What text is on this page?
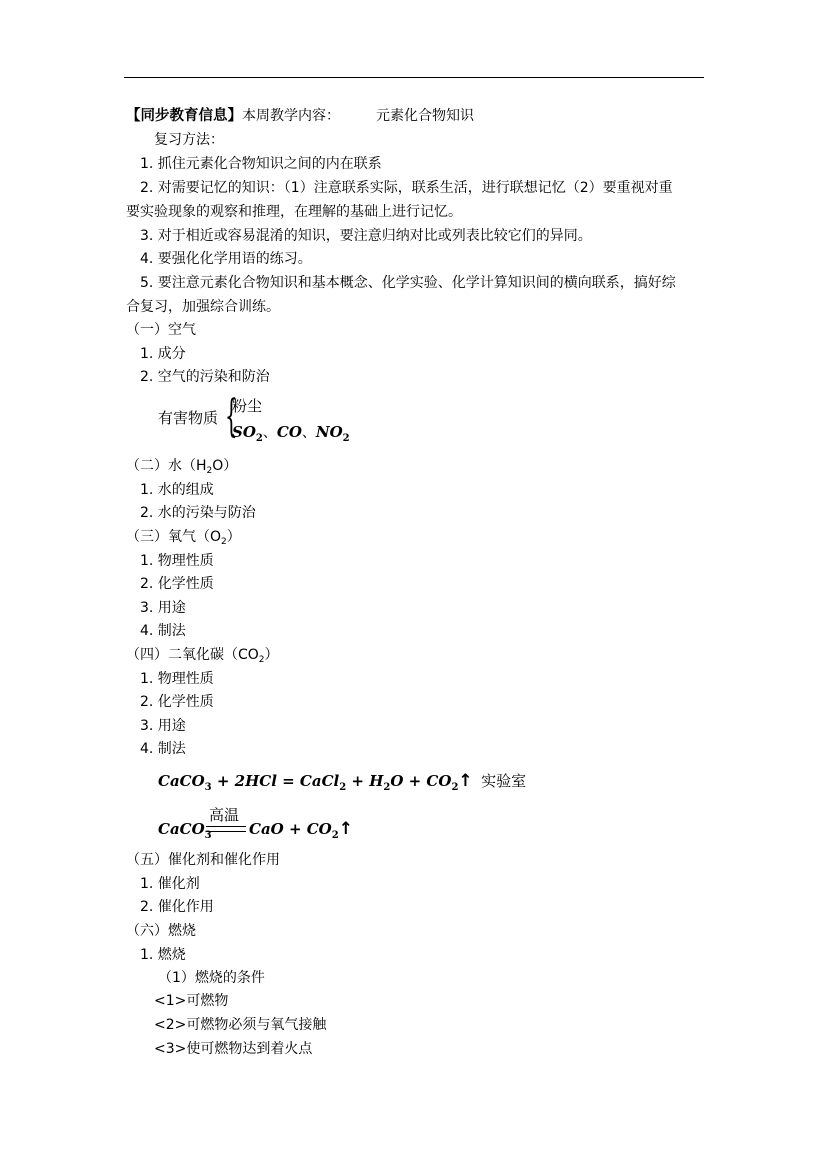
【同步教育信息】本周教学内容：	元素化合物知识
复习方法：
1. 抓住元素化合物知识之间的内在联系
2. 对需要记忆的知识：（1）注意联系实际，联系生活，进行联想记忆（2）要重视对重
要实验现象的观察和推理，在理解的基础上进行记忆。
3. 对于相近或容易混淆的知识，要注意归纳对比或列表比较它们的异同。
4. 要强化化学用语的练习。
5. 要注意元素化合物知识和基本概念、化学实验、化学计算知识间的横向联系，搞好综
合复习，加强综合训练。
（一）空气
1. 成分
2. 空气的污染和防治
有害物质 {
粉尘
$SO_2$、CO、$NO_2$
（二）水$(H_2O)$
1. 水的组成
2. 水的污染与防治
（三）氧气$(O_2)$
1. 物理性质
2. 化学性质
3. 用途
4. 制法
（四）二氧化碳$(CO_2)$
1. 物理性质
2. 化学性质
3. 用途
4. 制法
CaCO$_3$ + 2HCl = CaCl$_2$ + $H_2O$ + $CO_2↑$ 实验室
CaCO$_3$
高温
CaO + $CO_2↑$
（五）催化剂和催化作用
1. 催化剂
2. 催化作用
（六）燃烧
1. 燃烧
（1）燃烧的条件
<1>可燃物
<2>可燃物必须与氧气接触
<3>使可燃物达到着火点
